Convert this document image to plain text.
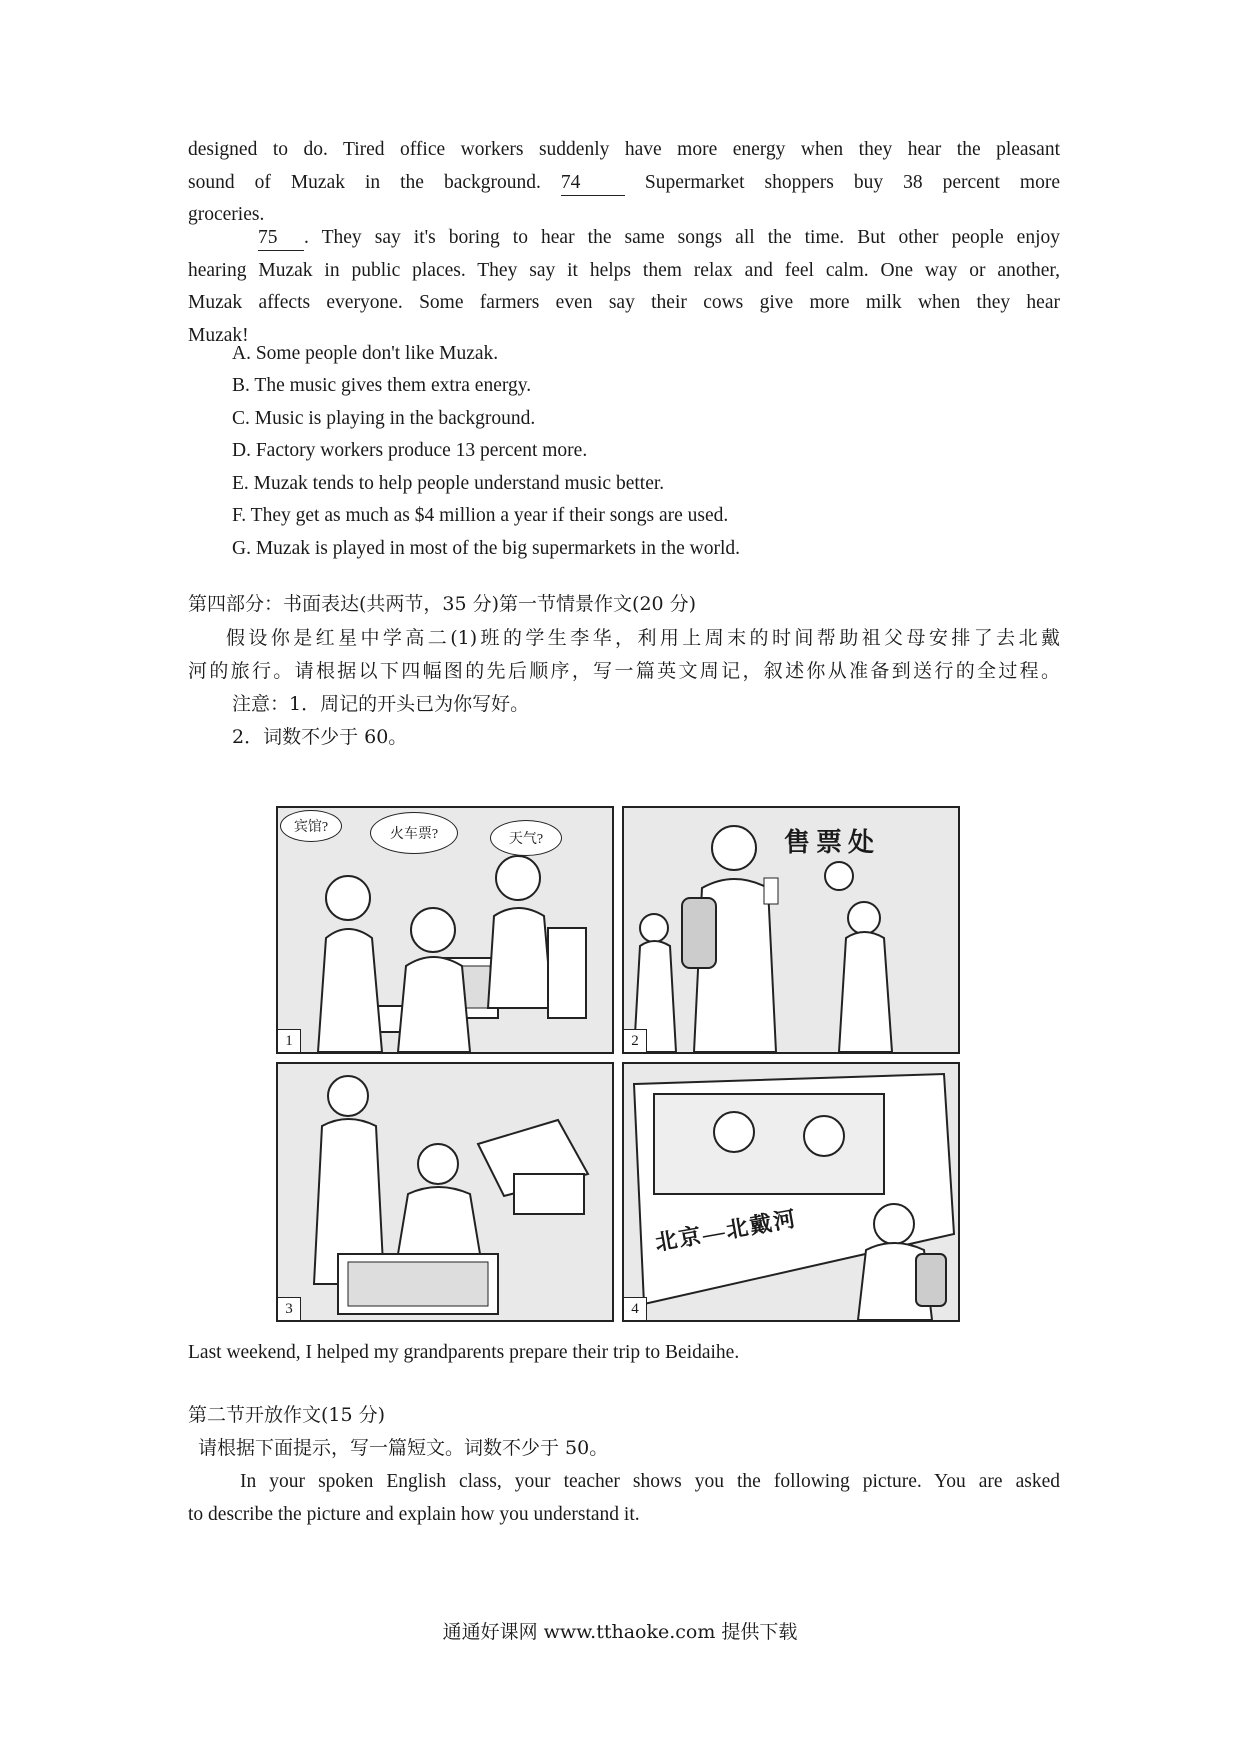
designed to do. Tired office workers suddenly have more energy when they hear the pleasant
sound of Muzak in the background. 74	Supermarket shoppers buy 38 percent more
groceries.
75 . They say it's boring to hear the same songs all the time. But other people enjoy
hearing Muzak in public places. They say it helps them relax and feel calm. One way or another,
Muzak affects everyone. Some farmers even say their cows give more milk when they hear
Muzak!
A. Some people don't like Muzak.
B. The music gives them extra energy.
C. Music is playing in the background.
D. Factory workers produce 13 percent more.
E. Muzak tends to help people understand music better.
F. They get as much as $4 million a year if their songs are used.
G. Muzak is played in most of the big supermarkets in the world.
第四部分：书面表达(共两节，35 分)第一节情景作文(20 分)
假设你是红星中学高二(1)班的学生李华，利用上周末的时间帮助祖父母安排了去北戴
河的旅行。请根据以下四幅图的先后顺序，写一篇英文周记，叙述你从准备到送行的全过程。
注意：1．周记的开头已为你写好。
2．词数不少于 60。
宾馆?	火车票?	天气?
1
售票处
2
3
北京—北戴河
4
Last weekend, I helped my grandparents prepare their trip to Beidaihe.
第二节开放作文(15 分)
请根据下面提示，写一篇短文。词数不少于 50。
In your spoken English class, your teacher shows you the following picture. You are asked
to describe the picture and explain how you understand it.
通通好课网 www.tthaoke.com 提供下载
